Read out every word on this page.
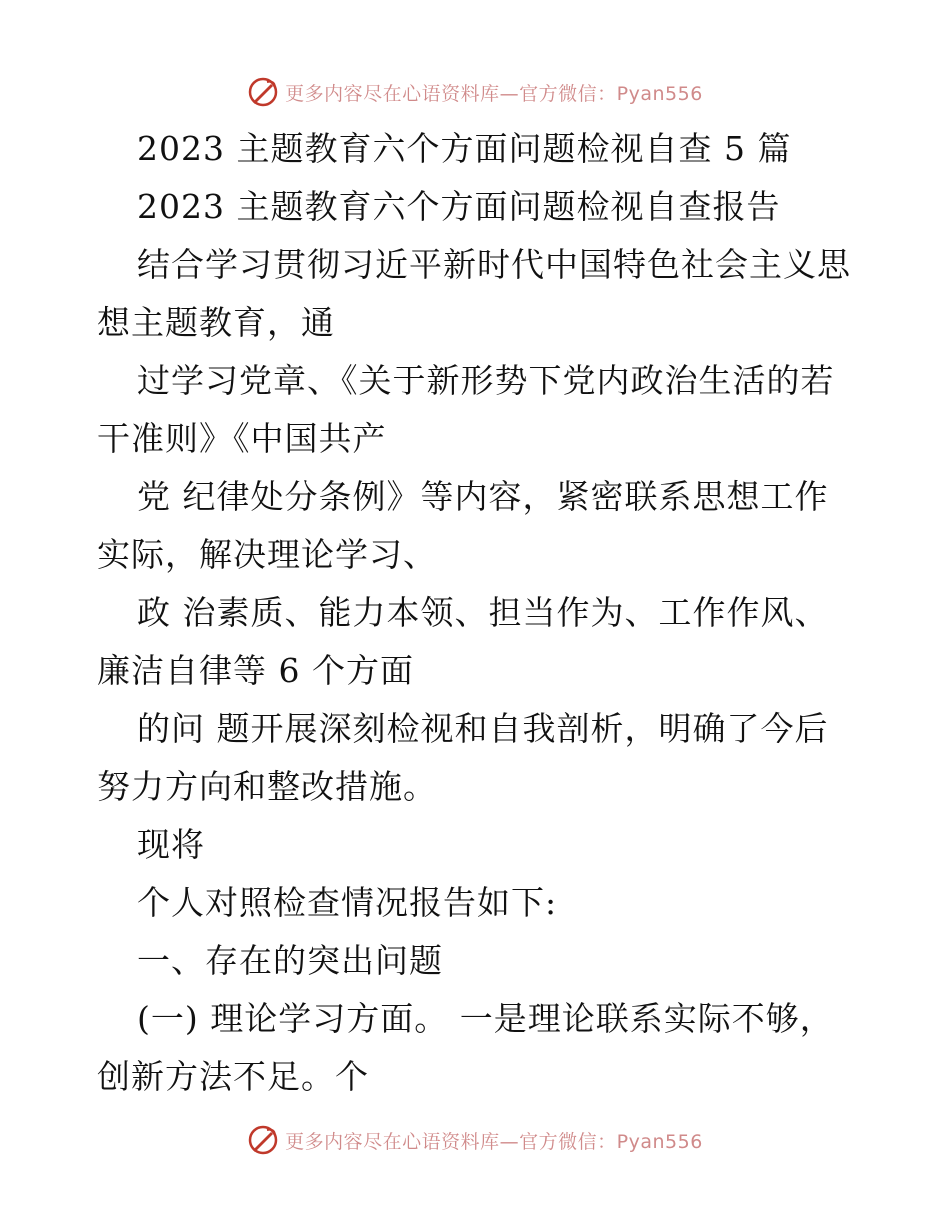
更多内容尽在心语资料库—官方微信：Pyan556

2023 主题教育六个方面问题检视自查 5 篇

2023 主题教育六个方面问题检视自查报告

结合学习贯彻习近平新时代中国特色社会主义思

想主题教育，通

过学习党章、《关于新形势下党内政治生活的若

干准则》《中国共产

党 纪律处分条例》等内容，紧密联系思想工作

实际，解决理论学习、

政 治素质、能力本领、担当作为、工作作风、

廉洁自律等 6 个方面

的问 题开展深刻检视和自我剖析，明确了今后

努力方向和整改措施。

现将

个人对照检查情况报告如下:

一、存在的突出问题

(一) 理论学习方面。 一是理论联系实际不够，

创新方法不足。个

更多内容尽在心语资料库—官方微信：Pyan556
